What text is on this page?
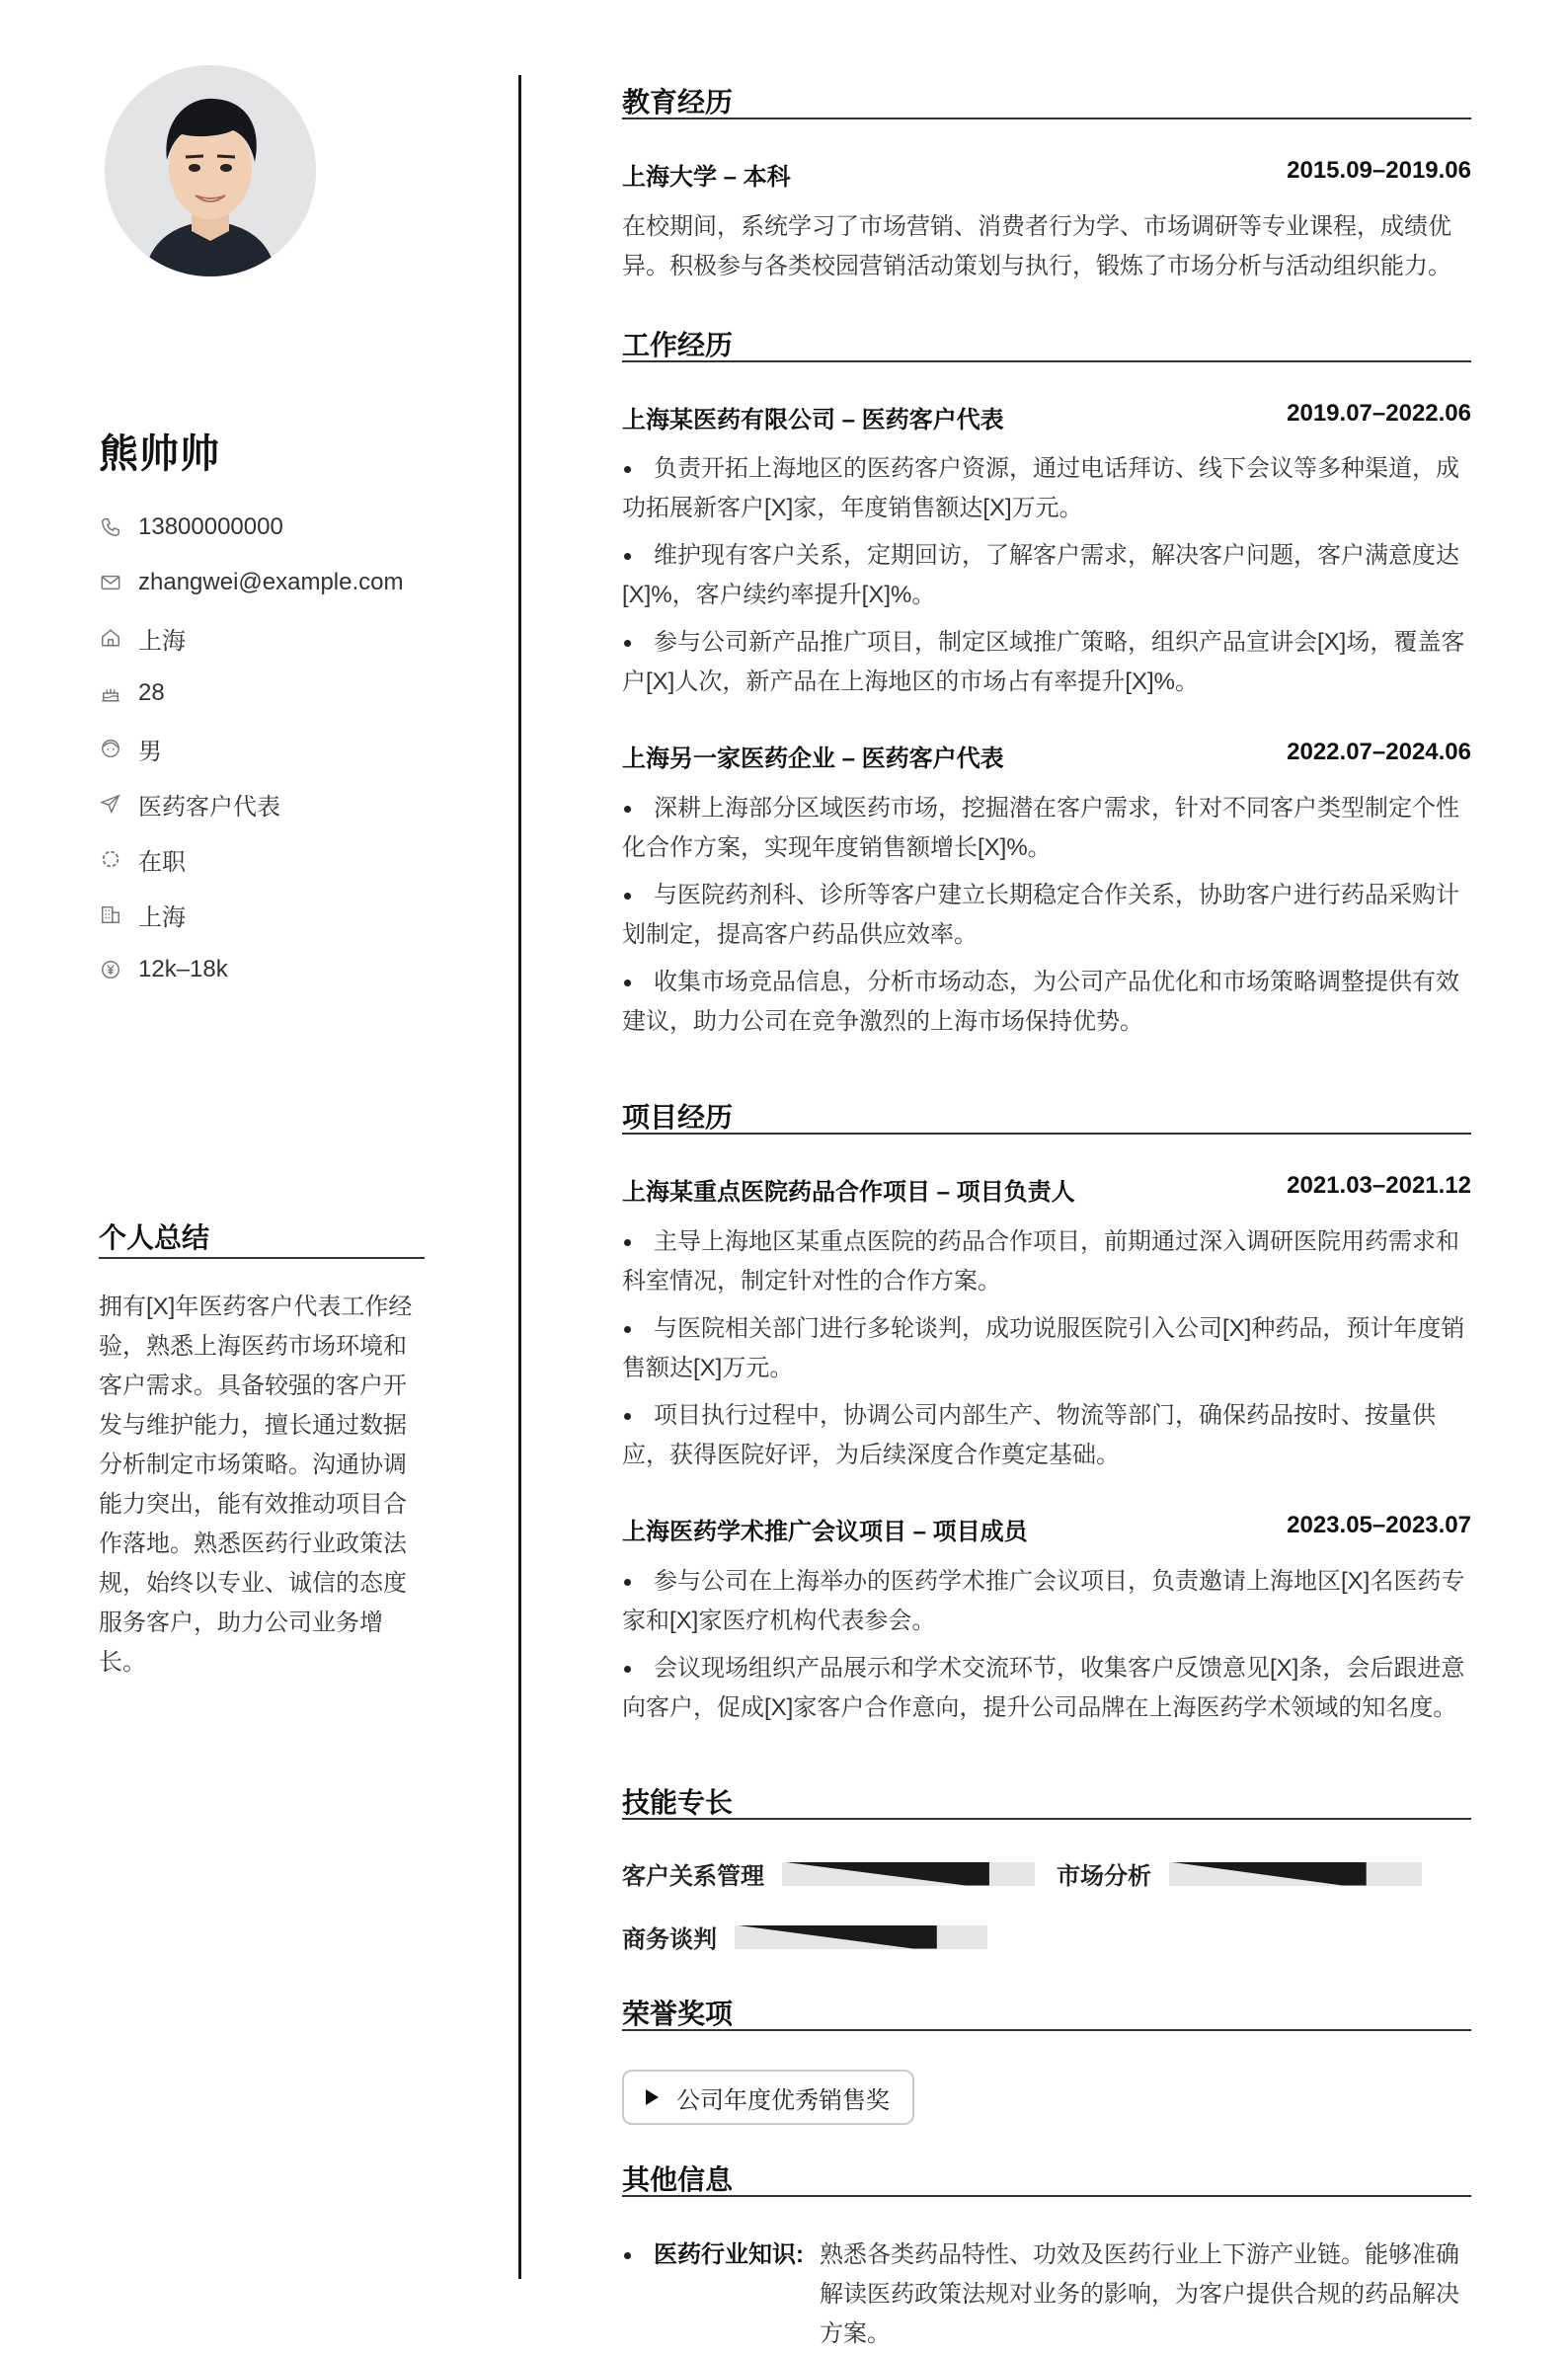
熊帅帅
13800000000
zhangwei@example.com
上海
28
男
医药客户代表
在职
上海
12k–18k
个人总结
拥有[X]年医药客户代表工作经验，熟悉上海医药市场环境和客户需求。具备较强的客户开发与维护能力，擅长通过数据分析制定市场策略。沟通协调能力突出，能有效推动项目合作落地。熟悉医药行业政策法规，始终以专业、诚信的态度服务客户，助力公司业务增长。
教育经历
上海大学 – 本科	2015.09–2019.06
在校期间，系统学习了市场营销、消费者行为学、市场调研等专业课程，成绩优异。积极参与各类校园营销活动策划与执行，锻炼了市场分析与活动组织能力。
工作经历
上海某医药有限公司 – 医药客户代表	2019.07–2022.06
负责开拓上海地区的医药客户资源，通过电话拜访、线下会议等多种渠道，成功拓展新客户[X]家，年度销售额达[X]万元。
维护现有客户关系，定期回访，了解客户需求，解决客户问题，客户满意度达[X]%，客户续约率提升[X]%。
参与公司新产品推广项目，制定区域推广策略，组织产品宣讲会[X]场，覆盖客户[X]人次，新产品在上海地区的市场占有率提升[X]%。
上海另一家医药企业 – 医药客户代表	2022.07–2024.06
深耕上海部分区域医药市场，挖掘潜在客户需求，针对不同客户类型制定个性化合作方案，实现年度销售额增长[X]%。
与医院药剂科、诊所等客户建立长期稳定合作关系，协助客户进行药品采购计划制定，提高客户药品供应效率。
收集市场竞品信息，分析市场动态，为公司产品优化和市场策略调整提供有效建议，助力公司在竞争激烈的上海市场保持优势。
项目经历
上海某重点医院药品合作项目 – 项目负责人	2021.03–2021.12
主导上海地区某重点医院的药品合作项目，前期通过深入调研医院用药需求和科室情况，制定针对性的合作方案。
与医院相关部门进行多轮谈判，成功说服医院引入公司[X]种药品，预计年度销售额达[X]万元。
项目执行过程中，协调公司内部生产、物流等部门，确保药品按时、按量供应，获得医院好评，为后续深度合作奠定基础。
上海医药学术推广会议项目 – 项目成员	2023.05–2023.07
参与公司在上海举办的医药学术推广会议项目，负责邀请上海地区[X]名医药专家和[X]家医疗机构代表参会。
会议现场组织产品展示和学术交流环节，收集客户反馈意见[X]条，会后跟进意向客户，促成[X]家客户合作意向，提升公司品牌在上海医药学术领域的知名度。
技能专长
客户关系管理	市场分析
商务谈判
荣誉奖项
公司年度优秀销售奖
其他信息
医药行业知识: 熟悉各类药品特性、功效及医药行业上下游产业链。能够准确解读医药政策法规对业务的影响，为客户提供合规的药品解决方案。
